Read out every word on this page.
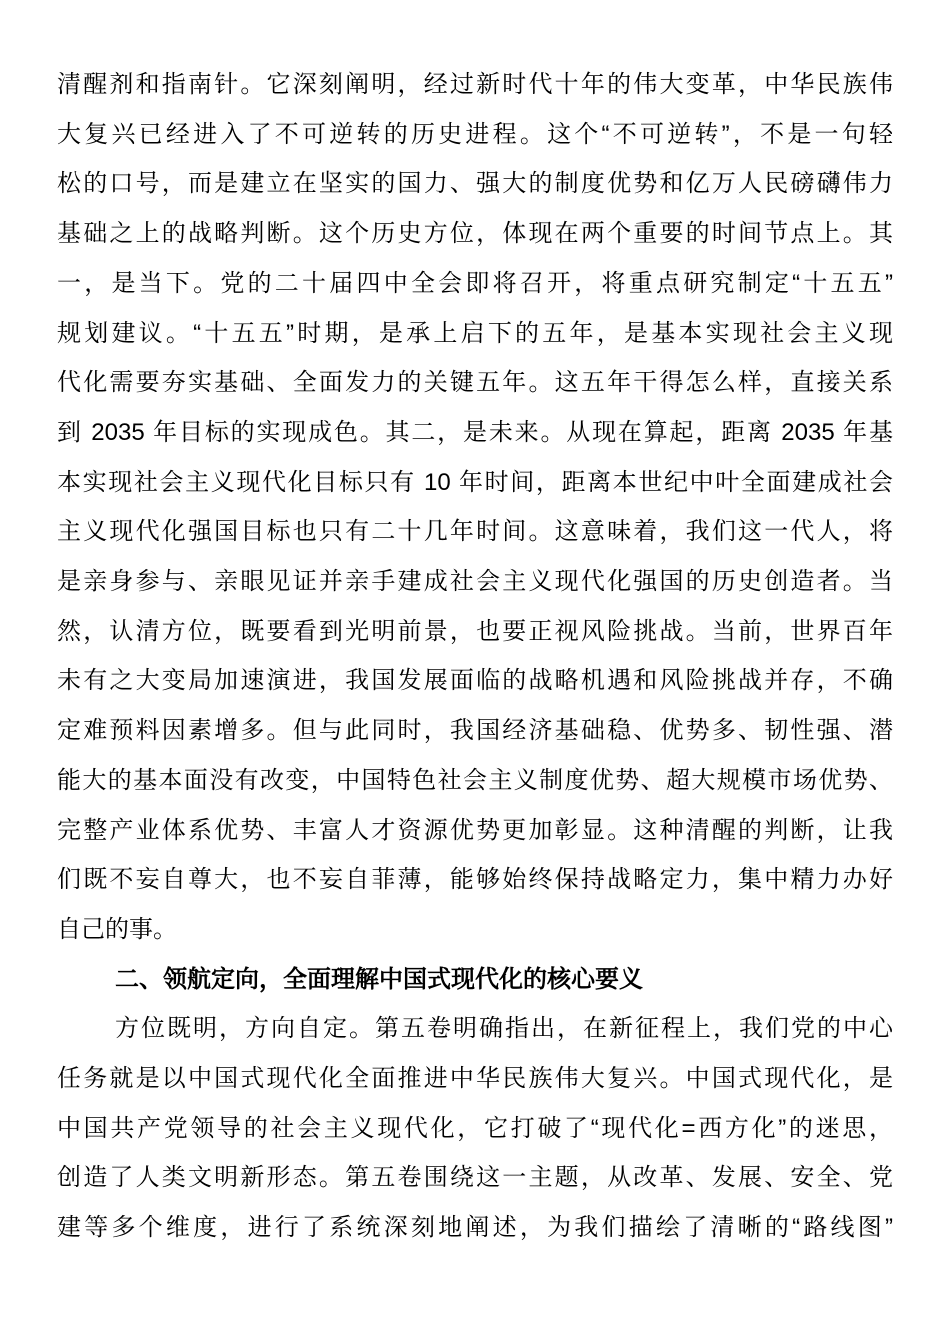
清醒剂和指南针。它深刻阐明，经过新时代十年的伟大变革，中华民族伟
大复兴已经进入了不可逆转的历史进程。这个“不可逆转”，不是一句轻
松的口号，而是建立在坚实的国力、强大的制度优势和亿万人民磅礴伟力
基础之上的战略判断。这个历史方位，体现在两个重要的时间节点上。其
一，是当下。党的二十届四中全会即将召开，将重点研究制定“十五五”
规划建议。“十五五”时期，是承上启下的五年，是基本实现社会主义现
代化需要夯实基础、全面发力的关键五年。这五年干得怎么样，直接关系
到 2035 年目标的实现成色。其二，是未来。从现在算起，距离 2035 年基
本实现社会主义现代化目标只有 10 年时间，距离本世纪中叶全面建成社会
主义现代化强国目标也只有二十几年时间。这意味着，我们这一代人，将
是亲身参与、亲眼见证并亲手建成社会主义现代化强国的历史创造者。当
然，认清方位，既要看到光明前景，也要正视风险挑战。当前，世界百年
未有之大变局加速演进，我国发展面临的战略机遇和风险挑战并存，不确
定难预料因素增多。但与此同时，我国经济基础稳、优势多、韧性强、潜
能大的基本面没有改变，中国特色社会主义制度优势、超大规模市场优势、
完整产业体系优势、丰富人才资源优势更加彰显。这种清醒的判断，让我
们既不妄自尊大，也不妄自菲薄，能够始终保持战略定力，集中精力办好
自己的事。
二、领航定向，全面理解中国式现代化的核心要义
方位既明，方向自定。第五卷明确指出，在新征程上，我们党的中心
任务就是以中国式现代化全面推进中华民族伟大复兴。中国式现代化，是
中国共产党领导的社会主义现代化，它打破了“现代化=西方化”的迷思，
创造了人类文明新形态。第五卷围绕这一主题，从改革、发展、安全、党
建等多个维度，进行了系统深刻地阐述，为我们描绘了清晰的“路线图”
